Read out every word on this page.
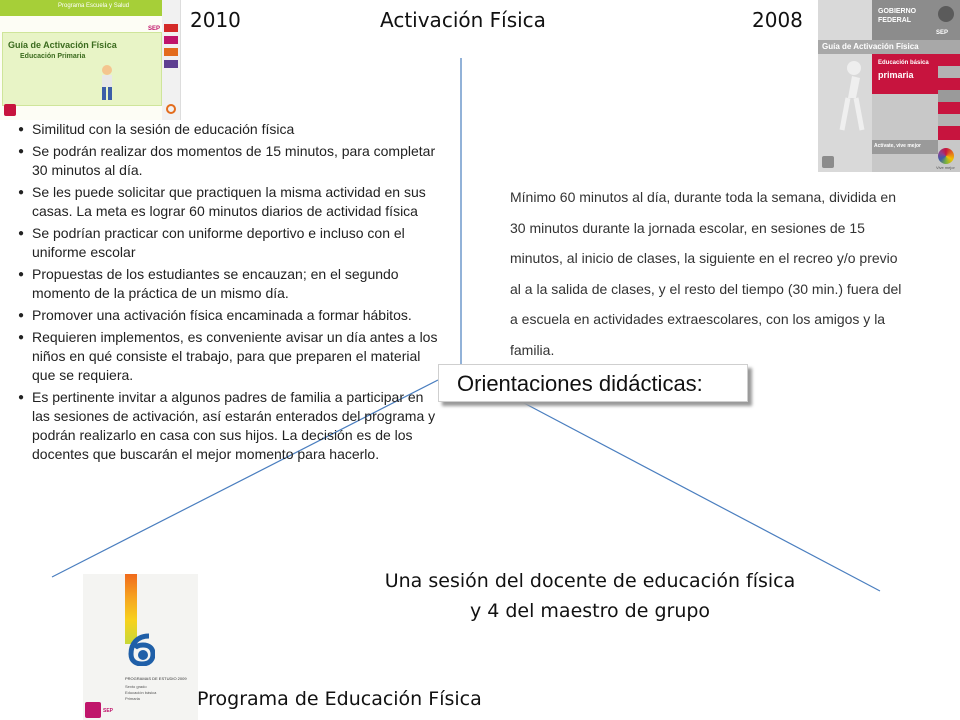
2010	Activación Física	2008
Programa Escuela y Salud
SEP
Guía de Activación Física
Educación Primaria
GOBIERNO
FEDERAL
SEP
Guía de Activación Física
Educación básica
primaria
Actívate, vive mejor
Vive mejor
● Similitud con la sesión de educación física
● Se podrán realizar dos momentos de 15 minutos, para completar 30 minutos al día.
● Se les puede solicitar que practiquen la misma actividad en sus casas. La meta es lograr 60 minutos diarios de actividad física
● Se podrían practicar con uniforme deportivo e incluso con el uniforme escolar
● Propuestas de los estudiantes se encauzan; en el segundo momento de la práctica de un mismo día.
● Promover una activación física encaminada a formar hábitos.
● Requieren implementos, es conveniente avisar un día antes a los niños en qué consiste el trabajo, para que preparen el material que se requiera.
● Es pertinente invitar a algunos padres de familia a participar en las sesiones de activación, así estarán enterados del programa y podrán realizarlo en casa con sus hijos. La decisión es de los docentes que buscarán el mejor momento para hacerlo.
Mínimo 60 minutos al día, durante toda la semana, dividida en 30 minutos durante la jornada escolar, en sesiones de 15 minutos, al inicio de clases, la siguiente en el recreo y/o previo al a la salida de clases, y el resto del tiempo (30 min.) fuera del a escuela en actividades extraescolares, con los amigos y la familia.
Orientaciones didácticas:
Una sesión del docente de educación física y 4 del maestro de grupo
PROGRAMAS DE ESTUDIO 2009
Sexto grado
Educación básica
Primaria
SEP
Programa de Educación Física
